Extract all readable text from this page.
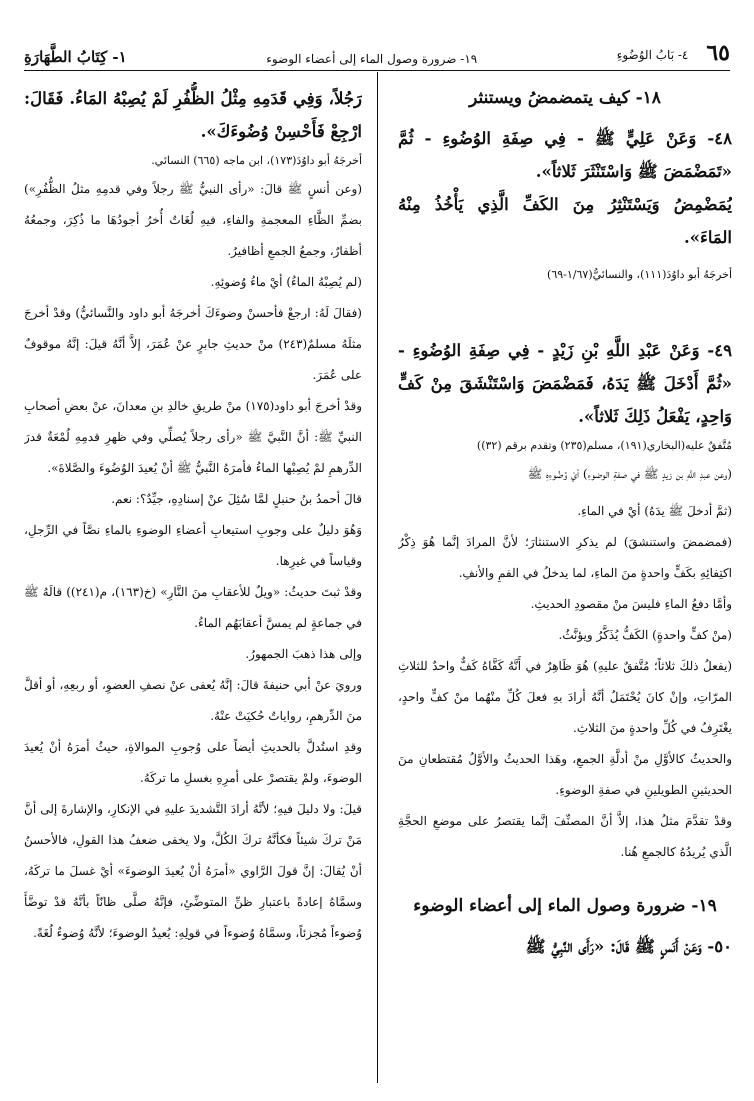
٦٥
٤- بَابُ الوُضُوءِ
١٩- ضرورة وصول الماء إلى أعضاء الوضوء
١- كِتَابُ الطَّهَارَةِ

١٨- كيف يتمضمضُ ويستنثر

٤٨- وَعَنْ عَلِيٍّ ﷺ - فِي صِفَةِ الوُضُوءِ - ثُمَّ «تَمَضْمَضَ ﷺ وَاسْتَنْثَرَ ثَلاثاً».

يُمَضْمِضُ وَيَسْتَنْثِرُ مِنَ الكَفِّ الَّذِي يَأْخُذُ مِنْهُ المَاءَ».

أخرجَهُ أبو داوُدَ(١١١)، والنسائيُّ(١/٦٧-٦٩)

٤٩- وَعَنْ عَبْدِ اللَّهِ بْنِ زَيْدٍ - فِي صِفَةِ الوُضُوءِ - «ثُمَّ أَدْخَلَ ﷺ يَدَهُ، فَمَضْمَضَ وَاسْتَنْشَقَ مِنْ كَفٍّ وَاحِدٍ، يَفْعَلُ ذَلِكَ ثَلاثاً».

مُتَّفقٌ عليه(البخاري(١٩١)، مسلم(٢٣٥) وتقدم برقم (٣٢))

(وعن عبدِ اللَّهِ بن زيدٍ ﷺ في صفةِ الوضوءِ) أيْ وُضُوءِهِ ﷺ

(ثمَّ أدخلَ ﷺ يدَهُ) أيْ في الماءِ.

(فمضمضَ واستنشقَ) لم يذكرِ الاستنثارَ؛ لأنَّ المرادَ إنَّما هُوَ ذِكْرُ اكتِفائِهِ بكَفٍّ واحدةٍ منَ الماءِ، لما يدخلُ في الفمِ والأنفِ.

وأمَّا دفعُ الماءِ فليسَ منْ مقصودِ الحديثِ.

(منْ كفٍّ واحدةٍ) الكَفُّ يُذَكَّرُ ويؤنَّثُ.

(يفعلُ ذلكَ ثلاثاً؛ مُتَّفقٌ عليهِ) هُوَ ظَاهِرٌ في أَنَّهُ كَفَّاهُ كَفٌّ واحدٌ للثلاثِ المرّاتِ، وإنْ كانَ يُحْتَمَلُ أنَّهُ أرادَ بهِ فعلَ كُلِّ منْهُما منْ كفٍّ واحدٍ، يغْتَرِفُ في كُلِّ واحدةٍ منَ الثلاثِ.

والحديثُ كالأوَّلِ منْ أدلَّةِ الجمعِ، وهَذا الحديثُ والأوَّلُ مُقتطعانِ منَ الحديثينِ الطويلينِ في صفةِ الوضوءِ.

وقدْ تقدَّمَ مثلُ هذا، إلاَّ أنَّ المصنِّفَ إنَّما يقتصرُ على موضعِ الحجَّةِ الَّذي يُريدُهُ كالجمعِ هُنا.

١٩- ضرورة وصول الماء إلى أعضاء الوضوء

٥٠- وَعَنْ أَنَسٍ ﷺ قَالَ: «رَأَى النَّبِيُّ ﷺ

رَجُلاً، وَفِي قَدَمِهِ مِثْلُ الظُّفُرِ لَمْ يُصِبْهُ المَاءُ. فَقَالَ: ارْجِعْ فَأَحْسِنْ وُضُوءَكَ».

أخرجَهُ أبو داوُدَ(١٧٣)، ابن ماجه (٦٦٥) النسائي.

(وعن أنسٍ ﷺ قالَ: «رأى النبيُّ ﷺ رجلاً وفي قدمِهِ مثلُ الظُّفُرِ») بضمِّ الظَّاءِ المعجمةِ والفاءِ، فيهِ لُغَاتٌ أُخرُ أجودُهَا ما ذُكِرَ، وجمعُهُ أظفارٌ، وجمعُ الجمعِ أظافيرُ.

(لم يُصِبْهُ الماءُ) أيْ ماءُ وُضوئِهِ.

(فقالَ لَهُ: ارجعْ فأحسنْ وضوءَكَ أخرجَهُ أبو داود والنَّسائيُّ) وقدْ أخرجَ مثلَهُ مسلمٌ(٢٤٣) منْ حديثِ جابرٍ عنْ عُمَرَ، إلاَّ أنَّهُ قيلَ: إنَّهُ موقوفٌ على عُمَرَ.

وقدْ أخرجَ أبو داود(١٧٥) منْ طريقِ خالدِ بنِ معدانَ، عنْ بعضِ أصحابِ النبيِّ ﷺ: أنَّ النَّبيَّ ﷺ «رأى رجلاً يُصلِّي وفي ظهرِ قدمِهِ لُمْعَةٌ قدرَ الدِّرهمِ لمْ يُصِبْها الماءُ فأمرَهُ النَّبيُّ ﷺ أنْ يُعيدَ الوُضُوءَ والصَّلاةَ».

قالَ أحمدُ بنُ حنبلٍ لمَّا سُئِلَ عنْ إسنادِهِ، جيِّدٌ؟: نعم.

وَهُوَ دليلٌ على وجوبِ استيعابِ أعضاءِ الوضوءِ بالماءِ نصَّاً في الرِّجلِ، وقياساً في غيرِها.

وقدْ ثبتَ حديثُ: «ويلٌ للأعقابِ منَ النَّارِ» (خ(١٦٣)، م(٢٤١)) قالَهُ ﷺ في جماعةٍ لم يمسَّ أعقابَهُم الماءُ.

وإلى هذا ذهبَ الجمهورُ.

ورويَ عنْ أبي حنيفةَ قالَ: إنَّهُ يُعفى عنْ نصفِ العضوِ، أو ربعِهِ، أو أقلَّ منَ الدِّرهمِ، رواياتٌ حُكيَتْ عنْهُ.

وقدِ استُدلَّ بالحديثِ أيضاً على وُجوبِ الموالاةِ، حيثُ أمرَهُ أنْ يُعيدَ الوضوءَ، ولمْ يقتصرْ على أمرِهِ بغسلِ ما تركَهُ.

قيلَ: ولا دليلَ فيهِ؛ لأنَّهُ أرادَ التَّشديدَ عليهِ في الإنكارِ، والإشارةَ إلى أنَّ مَنْ تركَ شيئاً فكأنَّهُ تركَ الكُلَّ، ولا يخفى ضعفُ هذا القولِ، فالأحسنُ أنْ يُقالَ: إنَّ قولَ الرَّاوي «أمرَهُ أنْ يُعيدَ الوضوءَ» أيْ غسلَ ما تركَهُ، وسمَّاهُ إعادةً باعتبارِ ظنِّ المتوضِّئِ، فإنَّهُ صلَّى ظانّاً بأنَّهُ قدْ توضَّأَ وُضوءاً مُجزئاً، وسمَّاهُ وُضوءاً في قولِهِ: يُعيدُ الوضوءَ؛ لأنَّهُ وُضوءٌ لُغَةً.
